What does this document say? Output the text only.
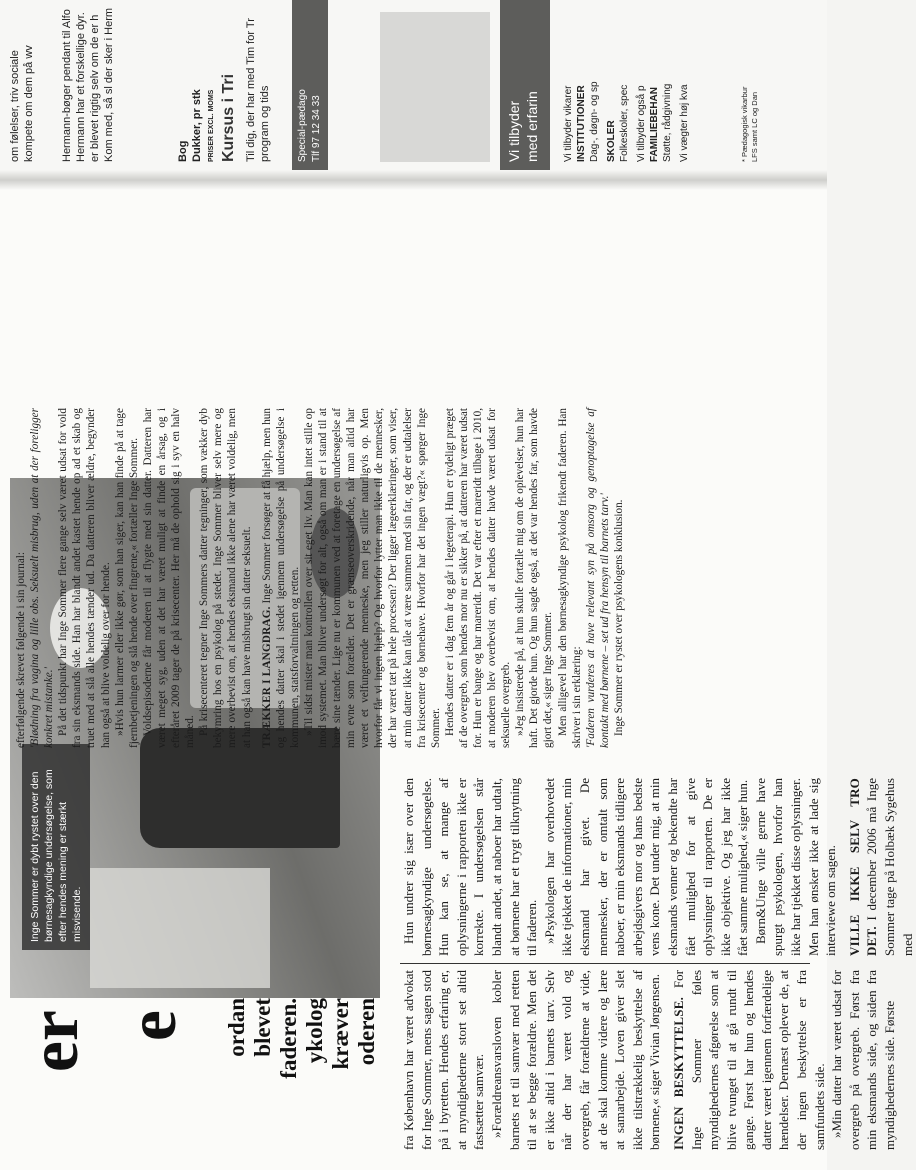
er e ordan blevet faderen. ykolog kræver oderen
Inge Sommer er dybt rystet over den børnesagkyndige undersøgelse, som efter hendes mening er stærkt misvisende.

fra København har været advokat for Inge Sommer, mens sagen stod på i byretten. Hendes erfaring er, at myndighederne stort set altid fastsætter samvær. »Forældreansvarsloven kobler barnets ret til samvær med retten til at se begge forældre. Men det er ikke altid i barnets tarv. Selv når der har været vold og overgreb, får forældrene at vide, at de skal komme videre og lære at samarbejde. Loven giver slet ikke tilstrækkelig beskyttelse af børnene,« siger Vivian Jørgensen. INGEN BESKYTTELSE. For Inge Sommer føles myndighedernes afgørelse som at blive tvunget til at gå rundt til gange. Først har hun og hendes datter været igennem forfærdelige hændelser. Dernæst oplever de, at der ingen beskyttelse er fra samfundets side. »Min datter har været udsat for overgreb på overgreb. Først fra min eksmands side, og siden fra myndighedernes side. Første

Hun undrer sig især over den børnesagkyndige undersøgelse. Hun kan se, at mange af oplysningerne i rapporten ikke er korrekte. I undersøgelsen står blandt andet, at naboer har udtalt, at børnene har et trygt tilknytning til faderen. »Psykologen har overhovedet ikke tjekket de informationer, min eksmand har givet. De mennesker, der er omtalt som naboer, er min eksmands tidligere arbejdsgivers mor og hans bedste vens kone. Det under mig, at min eksmands venner og bekendte har fået mulighed for at give oplysninger til rapporten. De er ikke objektive. Og jeg har ikke fået samme mulighed,« siger hun. Børn&Unge ville gerne have spurgt psykologen, hvorfor han ikke har tjekket disse oplysninger. Men han ønsker ikke at lade sig interviewe om sagen. VILLE IKKE SELV TRO DET. I december 2006 må Inge Sommer tage på Holbæk Sygehus med

efterfølgende skrevet følgende i sin journal: 'Blødning fra vagina og lille obs. Seksuelt misbrug, uden at der foreligger konkret mistanke.' På det tidspunkt har Inge Sommer flere gange selv været udsat for vold fra sin eksmands side. Han har blandt andet kastet hende op ad et skab og truet med at slå alle hendes tænder ud. Da datteren bliver ældre, begynder han også at blive voldelig over for hende. »Hvis hun larmer eller ikke gør, som han siger, kan han finde på at tage fjernbetjeningen og slå hende over fingrene,« fortæller Inge Sommer. Voldsepisoderne får moderen til at flygte med sin datter. Datteren har været meget syg, uden at det har været muligt at finde en årsag, og i efteråret 2009 tager de på krisecenter. Her må de ophold sig i syv en halv måned. På krisecenteret tegner Inge Sommers datter tegninger, som vækker dyb bekymring hos en psykolog på stedet. Inge Sommer bliver selv mere og mere overbevist om, at hendes eksmand ikke alene har været voldelig, men at han også kan have misbrugt sin datter seksuelt. TRÆKKER I LANGDRAG. Inge Sommer forsøger at få hjælp, men hun og hendes datter skal i stedet igennem undersøgelse på undersøgelse i kommunen, statsforvaltningen og retten. »Til sidst mister man kontrollen over sit eget liv. Man kan intet stille op imod systemet. Man bliver undersøgt for alt, også om man er i stand til at bære sine tænder. Lige nu er kommunen ved at foretage en undersøgelse af min evne som forælder. Det er grænseoverskridende, når man altid har været et velfungerende menneske, men jeg stiller naturligvis op. Men hvorfor får vi ingen hjælp? Og hvorfor lytter man ikke til de mennesker, der har været tæt på hele processen? Der ligger lægeerklæringer, som viser, at min datter ikke kan tåle at være sammen med sin far, og der er udtalelser fra krisecenter og børnehave. Hvorfor har det ingen vægt?« spørger Inge Sommer. Hendes datter er i dag fem år og går i legeterapi. Hun er tydeligt præget af de overgreb, som hendes mor nu er sikker på, at datteren har været udsat for. Hun er bange og har mareridt. Det var efter et mareridt tilbage i 2010, at moderen blev overbevist om, at hendes datter havde været udsat for seksuelle overgreb. »Jeg insisterede på, at hun skulle fortælle mig om de oplevelser, hun har haft. Det gjorde hun. Og hun sagde også, at det var hendes far, som havde gjort det,« siger Inge Sommer. Men alligevel har den børnesagkyndige psykolog frikendt faderen. Han skriver i sin erklæring: 'Faderen vurderes at have relevant syn på omsorg og genoptagelse af kontakt med børnene – set ud fra hensyn til barnets tarv.' Inge Sommer er rystet over psykologens konklusion.

om følelser, triv sociale kompete om dem på wv Hermann-bøger pendant til Alfo Hermann har et forskellige dyr. er blevet rigtig selv om de er h Kom med, så sl der sker i Herm	Bog Dukker, pr stk PRISER EXCL. MOMS Kursus i Tri Til dig, der har med Tim for Tr program og tids	Special-pædago Tlf 97 12 34 33	Vi tilbyder med erfarin Vi tilbyder vikarer INSTITUTIONER Dag-, døgn- og sp SKOLER Folkeskoler, spec Vi tilbyder også p FAMILIEBEHAN Støtte, rådgivning Vi vægter høj kva	* Pædagogisk vikarbur LFS samt LC og Dan
